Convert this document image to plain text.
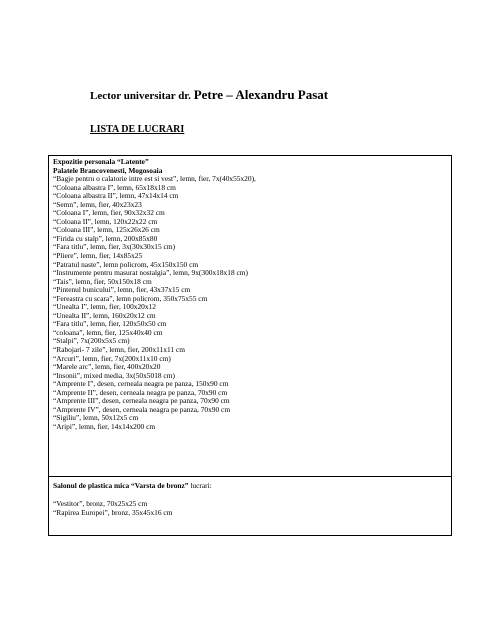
Lector universitar dr. Petre – Alexandru Pasat
LISTA DE LUCRARI
Expozitie personala “Latente”
Palatele Brancovenesti, Mogosoaia
“Bagje pentru o calatorie intre est si vest”, lemn, fier, 7x(40x55x20),
“Coloana albastra I”, lemn, 65x18x18 cm
“Coloana albastra II”, lemn, 47x14x14 cm
“Semn”, lemn, fier, 40x23x23
“Coloana I”, lemn, fier, 90x32x32 cm
“Coloana II”, lemn, 120x22x22 cm
“Coloana III”, lemn, 125x26x26 cm
“Firida cu stalp”, lemn, 200x85x80
“Fara titlu”, lemn, fier, 3x(30x30x15 cm)
“Pliere”, lemn, fier, 14x85x25
“Patratul naste”, lemn policrom, 45x150x150 cm
“Instrumente pentru masurat nostalgia”, lemn, 9x(300x18x18 cm)
“Tais”, lemn, fier, 50x150x18 cm
“Pintenul bunicului”, lemn, fier, 43x37x15 cm
“Fereastra cu scara”, lemn policrom, 350x75x55 cm
“Unealta I”, lemn, fier, 100x20x12
“Unealta II”, lemn, 160x20x12 cm
“Fara titlu”, lemn, fier, 120x50x50 cm
“coloana”, lemn, fier, 125x40x40 cm
“Stalpi”, 7x(200x5x5 cm)
“Rabojari- 7 zile”, lemn, fier, 200x11x11 cm
“Arcuri”, lemn, fier, 7x(200x11x10 cm)
“Marele arc”, lemn, fier, 400x20x20
“Insonii”, mixed media, 3x(50x5018 cm)
“Amprente I”, desen, cerneala neagra pe panza, 150x90 cm
“Amprente II”, desen, cerneala neagra pe panza, 70x90 cm
“Amprente III”, desen, cerneala neagra pe panza, 70x90 cm
“Amprente IV”, desen, cerneala neagra pe panza, 70x90 cm
“Sigiliu”, lemn, 50x12x5 cm
“Aripi”, lemn, fier, 14x14x200 cm
Salonul de plastica mica “Varsta de bronz” lucrari:
“Vestitor”, bronz, 70x25x25 cm
“Rapirea Europei”, bronz, 35x45x16 cm
